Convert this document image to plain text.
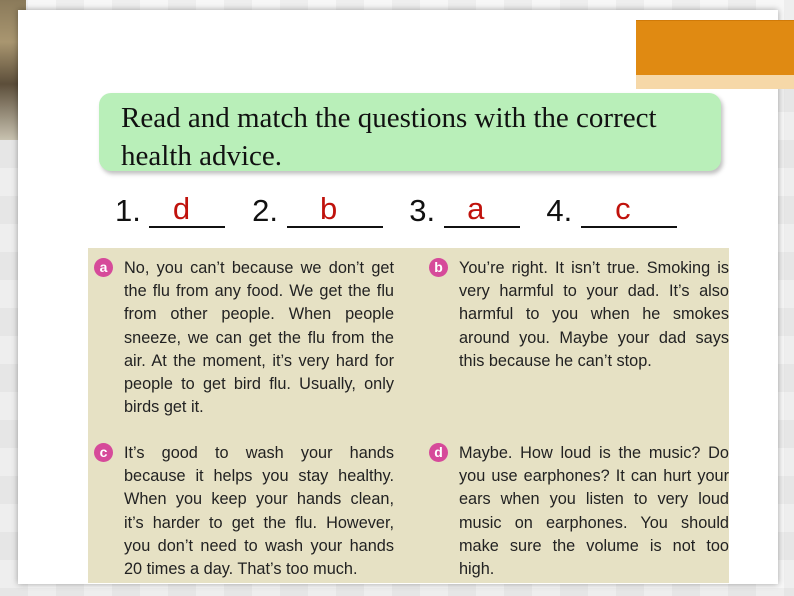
Read and match the questions with the correct health advice.
1. d 2. b 3. a 4. c
a	No, you can’t because we don’t get the flu from any food. We get the flu from other people. When people sneeze, we can get the flu from the air. At the moment, it’s very hard for people to get bird flu. Usually, only birds get it.
b You’re right. It isn’t true. Smoking is very harmful to your dad. It’s also harmful to you when he smokes around you. Maybe your dad says this because he can’t stop.
c	It’s good to wash your hands because it helps you stay healthy. When you keep your hands clean, it’s harder to get the flu. However, you don’t need to wash your hands 20 times a day. That’s too much.
d Maybe. How loud is the music? Do you use earphones? It can hurt your ears when you listen to very loud music on earphones. You should make sure the volume is not too high.
